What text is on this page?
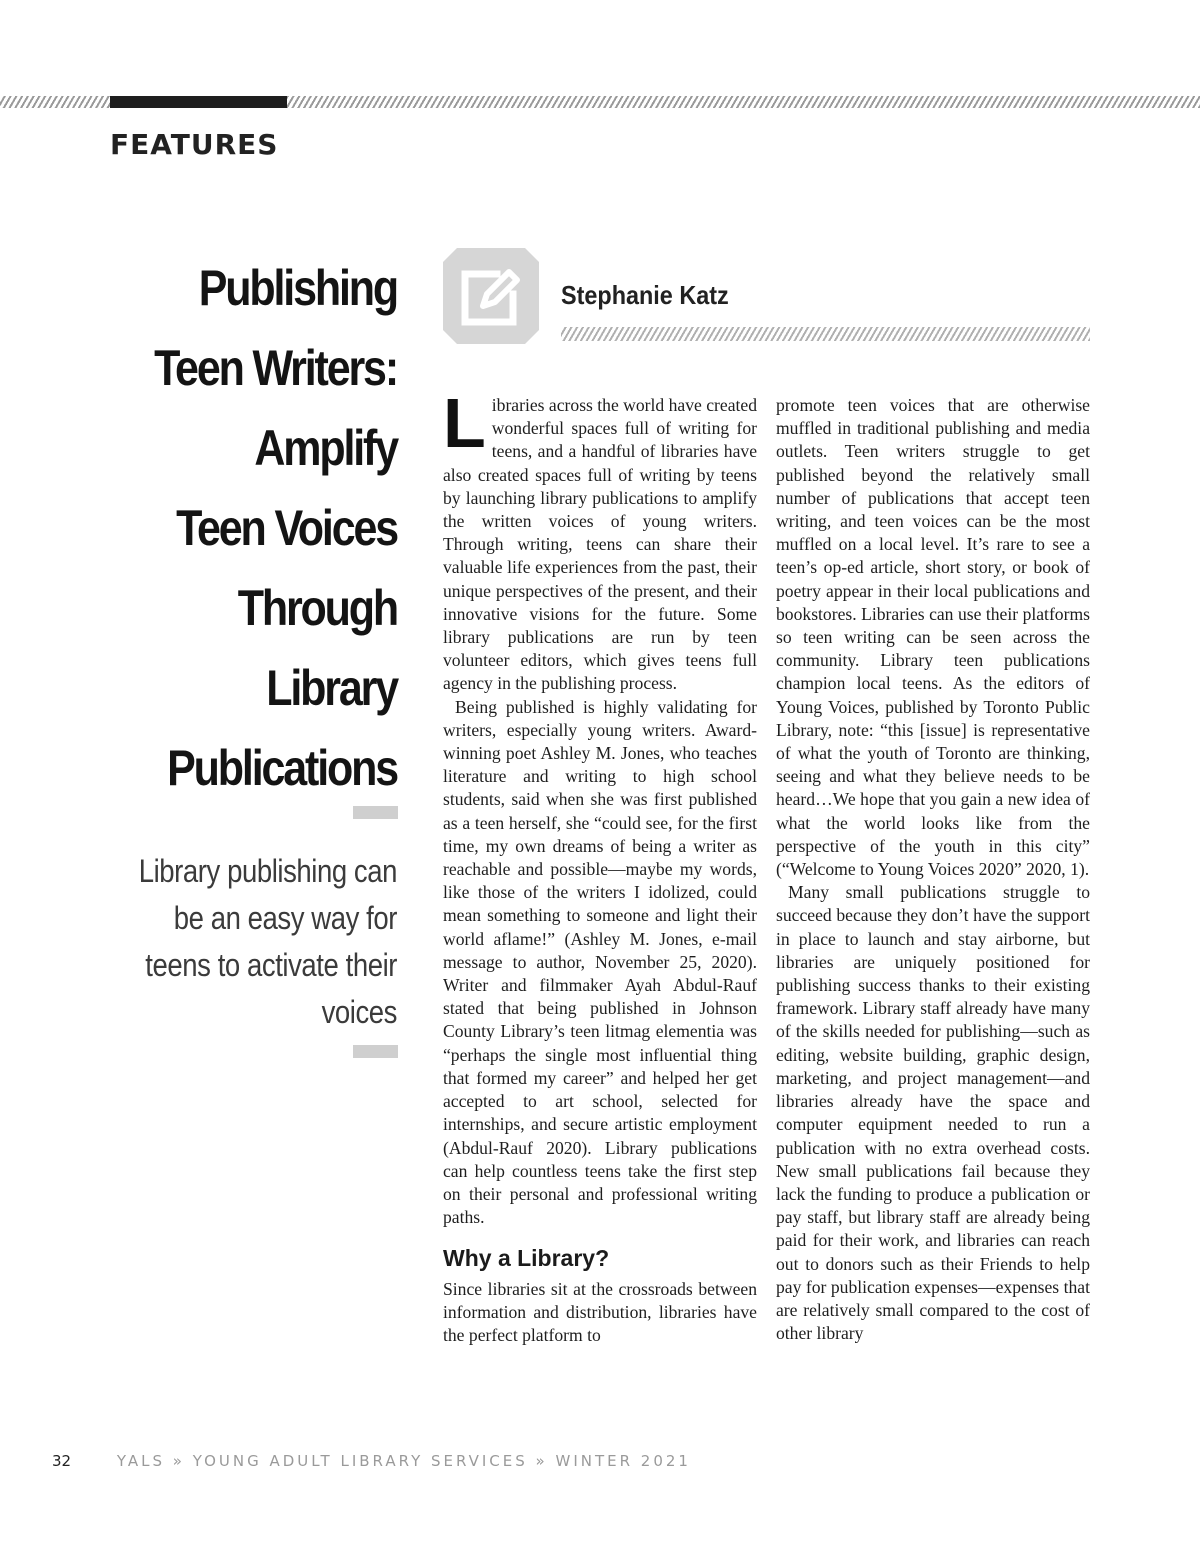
FEATURES
Publishing
Teen Writers:
Amplify
Teen Voices
Through
Library
Publications
Library publishing can
be an easy way for
teens to activate their
voices
Stephanie Katz

Libraries across the world have created wonderful spaces full of writing for teens, and a handful of libraries have also created spaces full of writing by teens by launching library publications to amplify the written voices of young writers. Through writing, teens can share their valuable life experiences from the past, their unique perspectives of the present, and their innovative visions for the future. Some library publications are run by teen volunteer editors, which gives teens full agency in the publishing process.

Being published is highly validating for writers, especially young writers. Award-winning poet Ashley M. Jones, who teaches literature and writing to high school students, said when she was first published as a teen herself, she “could see, for the first time, my own dreams of being a writer as reachable and possible—maybe my words, like those of the writers I idolized, could mean something to someone and light their world aflame!” (Ashley M. Jones, e-mail message to author, November 25, 2020). Writer and filmmaker Ayah Abdul-Rauf stated that being published in Johnson County Library’s teen litmag elementia was “perhaps the single most influential thing that formed my career” and helped her get accepted to art school, selected for internships, and secure artistic employment (Abdul-Rauf 2020). Library publications can help countless teens take the first step on their personal and professional writing paths.

Why a Library?

Since libraries sit at the crossroads between information and distribution, libraries have the perfect platform to

promote teen voices that are otherwise muffled in traditional publishing and media outlets. Teen writers struggle to get published beyond the relatively small number of publications that accept teen writing, and teen voices can be the most muffled on a local level. It’s rare to see a teen’s op-ed article, short story, or book of poetry appear in their local publications and bookstores. Libraries can use their platforms so teen writing can be seen across the community. Library teen publications champion local teens. As the editors of Young Voices, published by Toronto Public Library, note: “this [issue] is representative of what the youth of Toronto are thinking, seeing and what they believe needs to be heard…We hope that you gain a new idea of what the world looks like from the perspective of the youth in this city” (“Welcome to Young Voices 2020” 2020, 1).

Many small publications struggle to succeed because they don’t have the support in place to launch and stay airborne, but libraries are uniquely positioned for publishing success thanks to their existing framework. Library staff already have many of the skills needed for publishing—such as editing, website building, graphic design, marketing, and project management—and libraries already have the space and computer equipment needed to run a publication with no extra overhead costs. New small publications fail because they lack the funding to produce a publication or pay staff, but library staff are already being paid for their work, and libraries can reach out to donors such as their Friends to help pay for publication expenses—expenses that are relatively small compared to the cost of other library

32	YALS » YOUNG ADULT LIBRARY SERVICES » WINTER 2021
